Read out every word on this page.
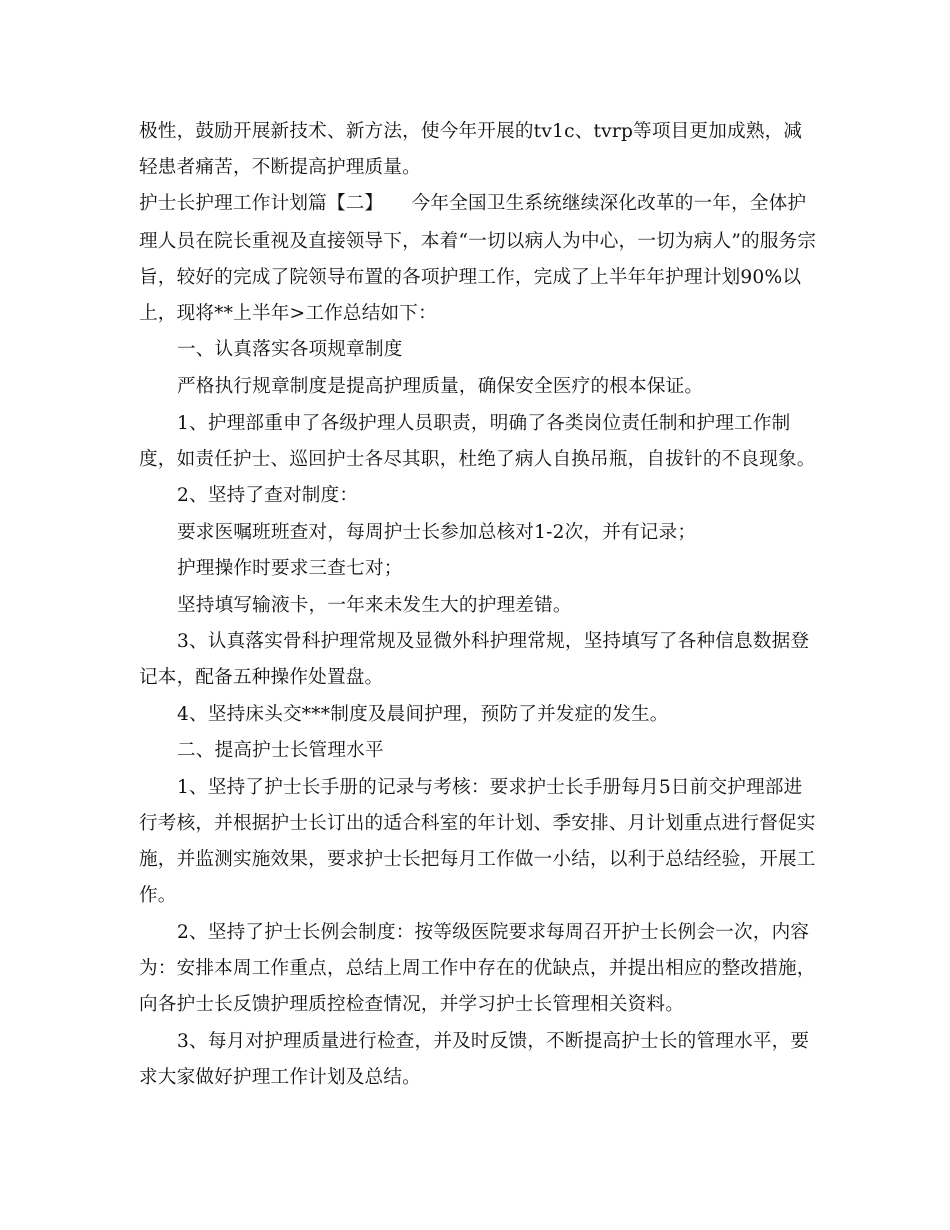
极性，鼓励开展新技术、新方法，使今年开展的tv1c、tvrp等项目更加成熟，减
轻患者痛苦，不断提高护理质量。
护士长护理工作计划篇【二】　　今年全国卫生系统继续深化改革的一年，全体护
理人员在院长重视及直接领导下，本着“一切以病人为中心，一切为病人”的服务宗
旨，较好的完成了院领导布置的各项护理工作，完成了上半年年护理计划90%以
上，现将**上半年>工作总结如下：
一、认真落实各项规章制度
严格执行规章制度是提高护理质量，确保安全医疗的根本保证。
1、护理部重申了各级护理人员职责，明确了各类岗位责任制和护理工作制
度，如责任护士、巡回护士各尽其职，杜绝了病人自换吊瓶，自拔针的不良现象。
2、坚持了查对制度：
要求医嘱班班查对，每周护士长参加总核对1-2次，并有记录；
护理操作时要求三查七对；
坚持填写输液卡，一年来未发生大的护理差错。
3、认真落实骨科护理常规及显微外科护理常规，坚持填写了各种信息数据登
记本，配备五种操作处置盘。
4、坚持床头交***制度及晨间护理，预防了并发症的发生。
二、提高护士长管理水平
1、坚持了护士长手册的记录与考核：要求护士长手册每月5日前交护理部进
行考核，并根据护士长订出的适合科室的年计划、季安排、月计划重点进行督促实
施，并监测实施效果，要求护士长把每月工作做一小结，以利于总结经验，开展工
作。
2、坚持了护士长例会制度：按等级医院要求每周召开护士长例会一次，内容
为：安排本周工作重点，总结上周工作中存在的优缺点，并提出相应的整改措施，
向各护士长反馈护理质控检查情况，并学习护士长管理相关资料。
3、每月对护理质量进行检查，并及时反馈，不断提高护士长的管理水平，要
求大家做好护理工作计划及总结。
